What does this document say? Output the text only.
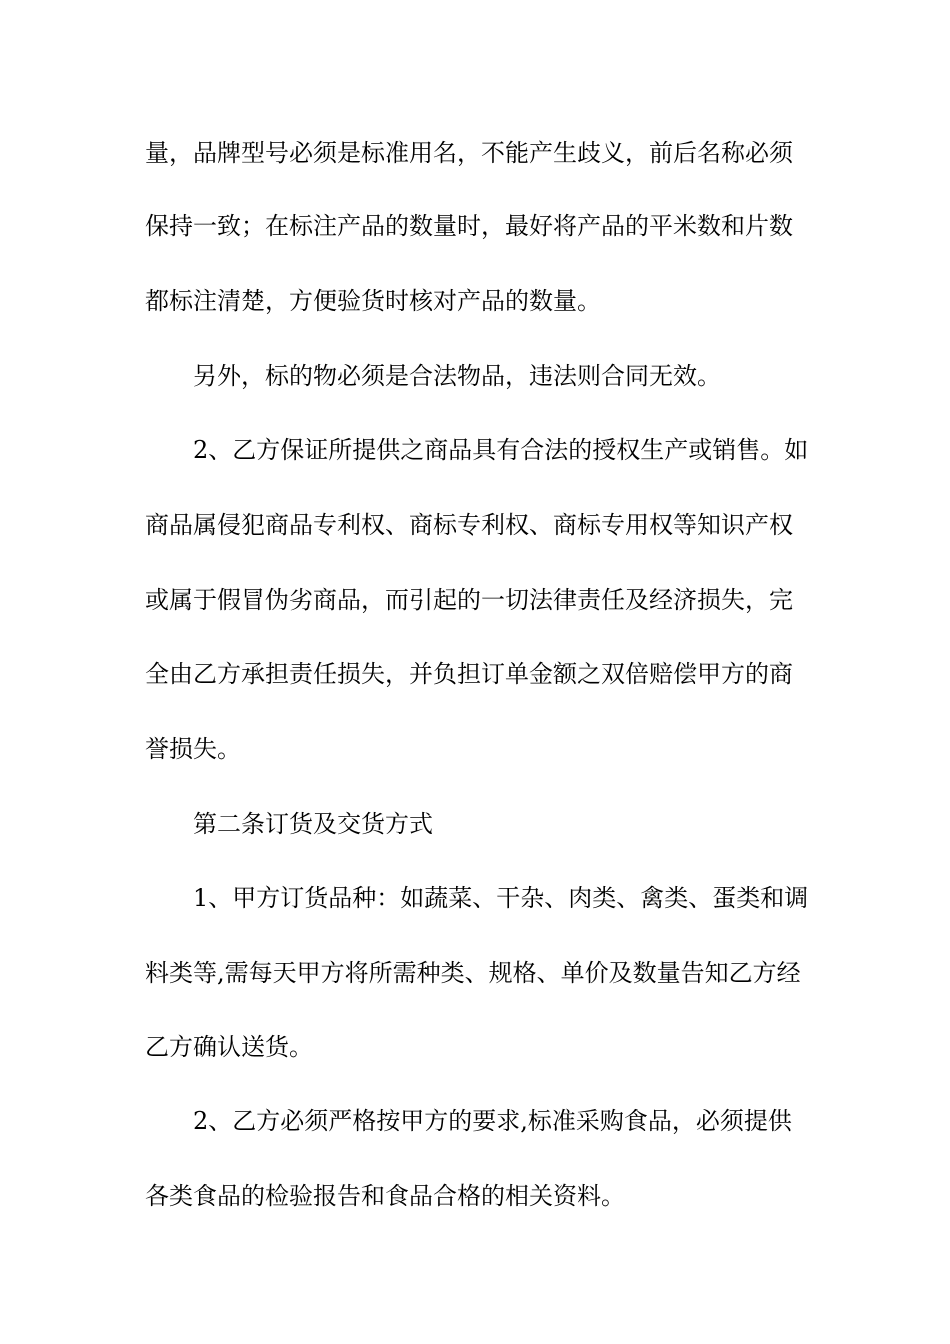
量，品牌型号必须是标准用名，不能产生歧义，前后名称必须
保持一致；在标注产品的数量时，最好将产品的平米数和片数
都标注清楚，方便验货时核对产品的数量。
另外，标的物必须是合法物品，违法则合同无效。
2、乙方保证所提供之商品具有合法的授权生产或销售。如
商品属侵犯商品专利权、商标专利权、商标专用权等知识产权
或属于假冒伪劣商品，而引起的一切法律责任及经济损失，完
全由乙方承担责任损失，并负担订单金额之双倍赔偿甲方的商
誉损失。
第二条订货及交货方式
1、甲方订货品种：如蔬菜、干杂、肉类、禽类、蛋类和调
料类等,需每天甲方将所需种类、规格、单价及数量告知乙方经
乙方确认送货。
2、乙方必须严格按甲方的要求,标准采购食品，必须提供
各类食品的检验报告和食品合格的相关资料。
